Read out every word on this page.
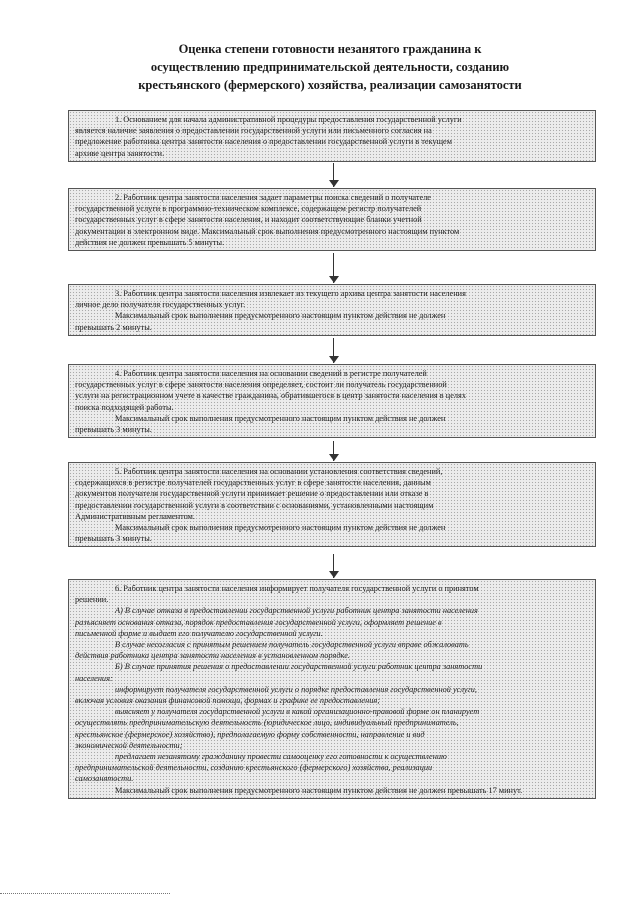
Оценка степени готовности незанятого гражданина к
осуществлению предпринимательской деятельности, созданию
крестьянского (фермерского) хозяйства, реализации самозанятости
1. Основанием для начала административной процедуры предоставления государственной услуги
является наличие заявления о предоставлении государственной услуги или письменного согласия на
предложение работника центра занятости населения о предоставлении государственной услуги в текущем
архиве центра занятости.
2. Работник центра занятости населения задает параметры поиска сведений о получателе
государственной услуги в программно-техническом комплексе, содержащем регистр получателей
государственных услуг в сфере занятости населения, и находит соответствующие бланки учетной
документации в электронном виде. Максимальный срок выполнения предусмотренного настоящим пунктом
действия не должен превышать 5 минуты.
3. Работник центра занятости населения извлекает из текущего архива центра занятости населения
личное дело получателя государственных услуг.
Максимальный срок выполнения предусмотренного настоящим пунктом действия не должен
превышать 2 минуты.
4. Работник центра занятости населения на основании сведений в регистре получателей
государственных услуг в сфере занятости населения определяет, состоит ли получатель государственной
услуги на регистрационном учете в качестве гражданина, обратившегося в центр занятости населения в целях
поиска подходящей работы.
Максимальный срок выполнения предусмотренного настоящим пунктом действия не должен
превышать 3 минуты.
5. Работник центра занятости населения на основании установления соответствия сведений,
содержащихся в регистре получателей государственных услуг в сфере занятости населения, данным
документов получателя государственной услуги принимает решение о предоставлении или отказе в
предоставлении государственной услуги в соответствии с основаниями, установленными настоящим
Административным регламентом.
Максимальный срок выполнения предусмотренного настоящим пунктом действия не должен
превышать 3 минуты.
6. Работник центра занятости населения информирует получателя государственной услуги о принятом
решении.
А) В случае отказа в предоставлении государственной услуги работник центра занятости населения
разъясняет основания отказа, порядок предоставления государственной услуги, оформляет решение в
письменной форме и выдает его получателю государственной услуги.
В случае несогласия с принятым решением получатель государственной услуги вправе обжаловать
действия работника центра занятости населения в установленном порядке.
Б) В случае принятия решения о предоставлении государственной услуги работник центра занятости
населения:
информирует получателя государственной услуги о порядке предоставления государственной услуги,
включая условия оказания финансовой помощи, формах и графике ее предоставления;
выясняет у получателя государственной услуги в какой организационно-правовой форме он планирует
осуществлять предпринимательскую деятельность (юридическое лицо, индивидуальный предприниматель,
крестьянское (фермерское) хозяйство), предполагаемую форму собственности, направление и вид
экономической деятельности;
предлагает незанятому гражданину провести самооценку его готовности к осуществлению
предпринимательской деятельности, созданию крестьянского (фермерского) хозяйства, реализации
самозанятости.
Максимальный срок выполнения предусмотренного настоящим пунктом действия не должен превышать 17 минут.
